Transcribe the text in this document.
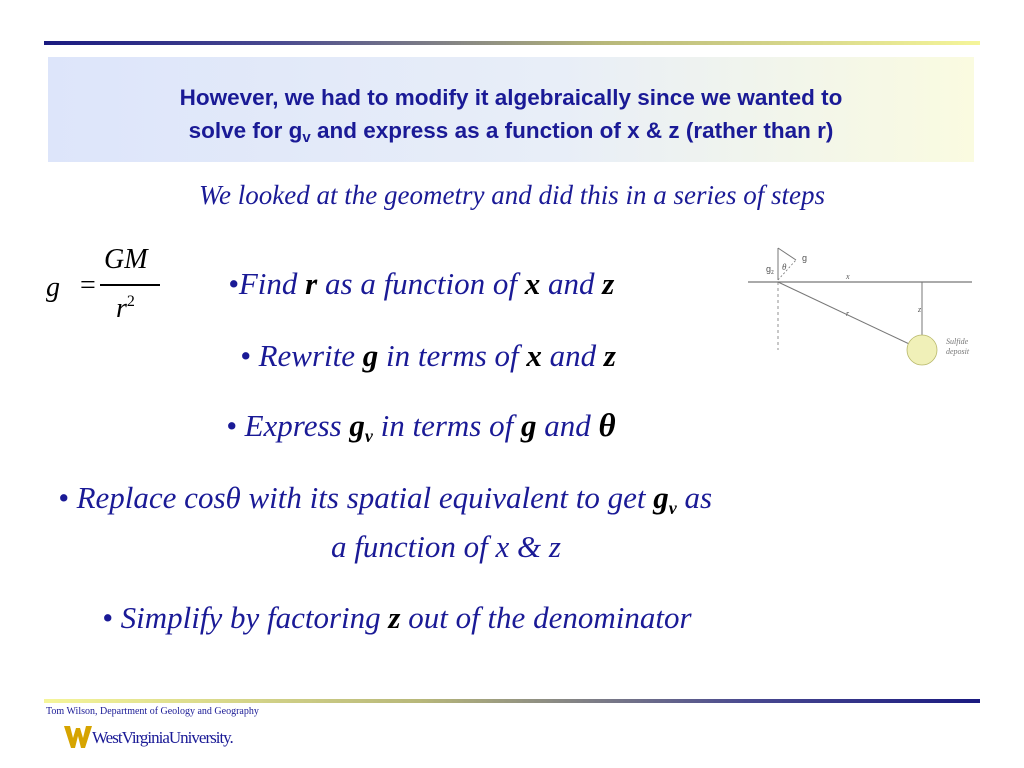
However, we had to modify it algebraically since we wanted to
solve for $g_v$ and express as a function of x & z (rather than r)
We looked at the geometry and did this in a series of steps
g =
GM
$r^2$
•Find r as a function of x and z
• Rewrite g in terms of x and z
• Express $g_v$ in terms of g and θ
• Replace cosθ with its spatial equivalent to get $g_v$ as
a function of x & z
• Simplify by factoring z out of the denominator
$g_z$
θ
g
x
r	z
Sulfide
deposit
Tom Wilson, Department of Geology and Geography
WestVirginiaUniversity.
